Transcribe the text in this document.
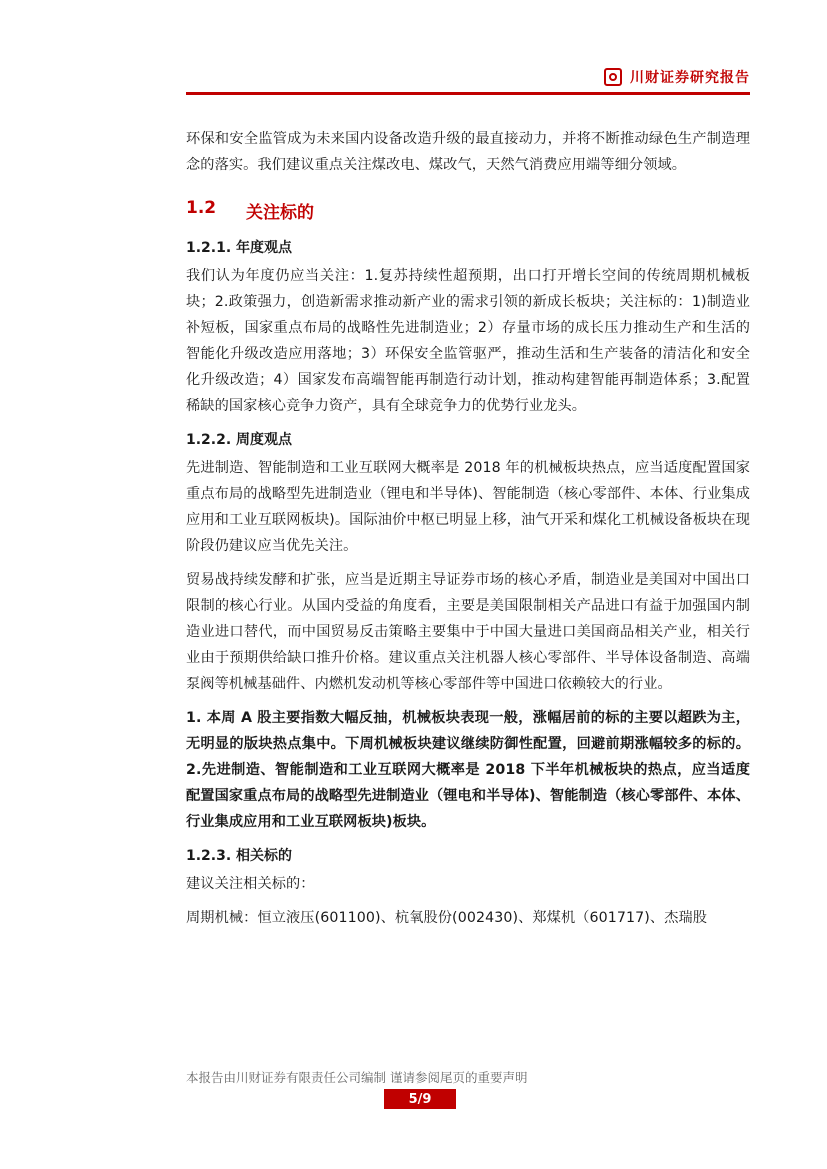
川财证券研究报告

环保和安全监管成为未来国内设备改造升级的最直接动力，并将不断推动绿色生产制造理念的落实。我们建议重点关注煤改电、煤改气，天然气消费应用端等细分领域。

1.2	关注标的
1.2.1. 年度观点

我们认为年度仍应当关注：1.复苏持续性超预期，出口打开增长空间的传统周期机械板块；2.政策强力，创造新需求推动新产业的需求引领的新成长板块；关注标的：1)制造业补短板，国家重点布局的战略性先进制造业；2）存量市场的成长压力推动生产和生活的智能化升级改造应用落地；3）环保安全监管驱严，推动生活和生产装备的清洁化和安全化升级改造；4）国家发布高端智能再制造行动计划，推动构建智能再制造体系；3.配置稀缺的国家核心竞争力资产，具有全球竞争力的优势行业龙头。

1.2.2. 周度观点

先进制造、智能制造和工业互联网大概率是 2018 年的机械板块热点，应当适度配置国家重点布局的战略型先进制造业（锂电和半导体)、智能制造（核心零部件、本体、行业集成应用和工业互联网板块)。国际油价中枢已明显上移，油气开采和煤化工机械设备板块在现阶段仍建议应当优先关注。

贸易战持续发酵和扩张，应当是近期主导证券市场的核心矛盾，制造业是美国对中国出口限制的核心行业。从国内受益的角度看，主要是美国限制相关产品进口有益于加强国内制造业进口替代，而中国贸易反击策略主要集中于中国大量进口美国商品相关产业，相关行业由于预期供给缺口推升价格。建议重点关注机器人核心零部件、半导体设备制造、高端泵阀等机械基础件、内燃机发动机等核心零部件等中国进口依赖较大的行业。

1. 本周 A 股主要指数大幅反抽，机械板块表现一般，涨幅居前的标的主要以超跌为主，无明显的版块热点集中。下周机械板块建议继续防御性配置，回避前期涨幅较多的标的。2.先进制造、智能制造和工业互联网大概率是 2018 下半年机械板块的热点，应当适度配置国家重点布局的战略型先进制造业（锂电和半导体)、智能制造（核心零部件、本体、行业集成应用和工业互联网板块)板块。

1.2.3. 相关标的

建议关注相关标的：

周期机械：恒立液压(601100)、杭氧股份(002430)、郑煤机（601717)、杰瑞股

本报告由川财证券有限责任公司编制 谨请参阅尾页的重要声明
5/9
